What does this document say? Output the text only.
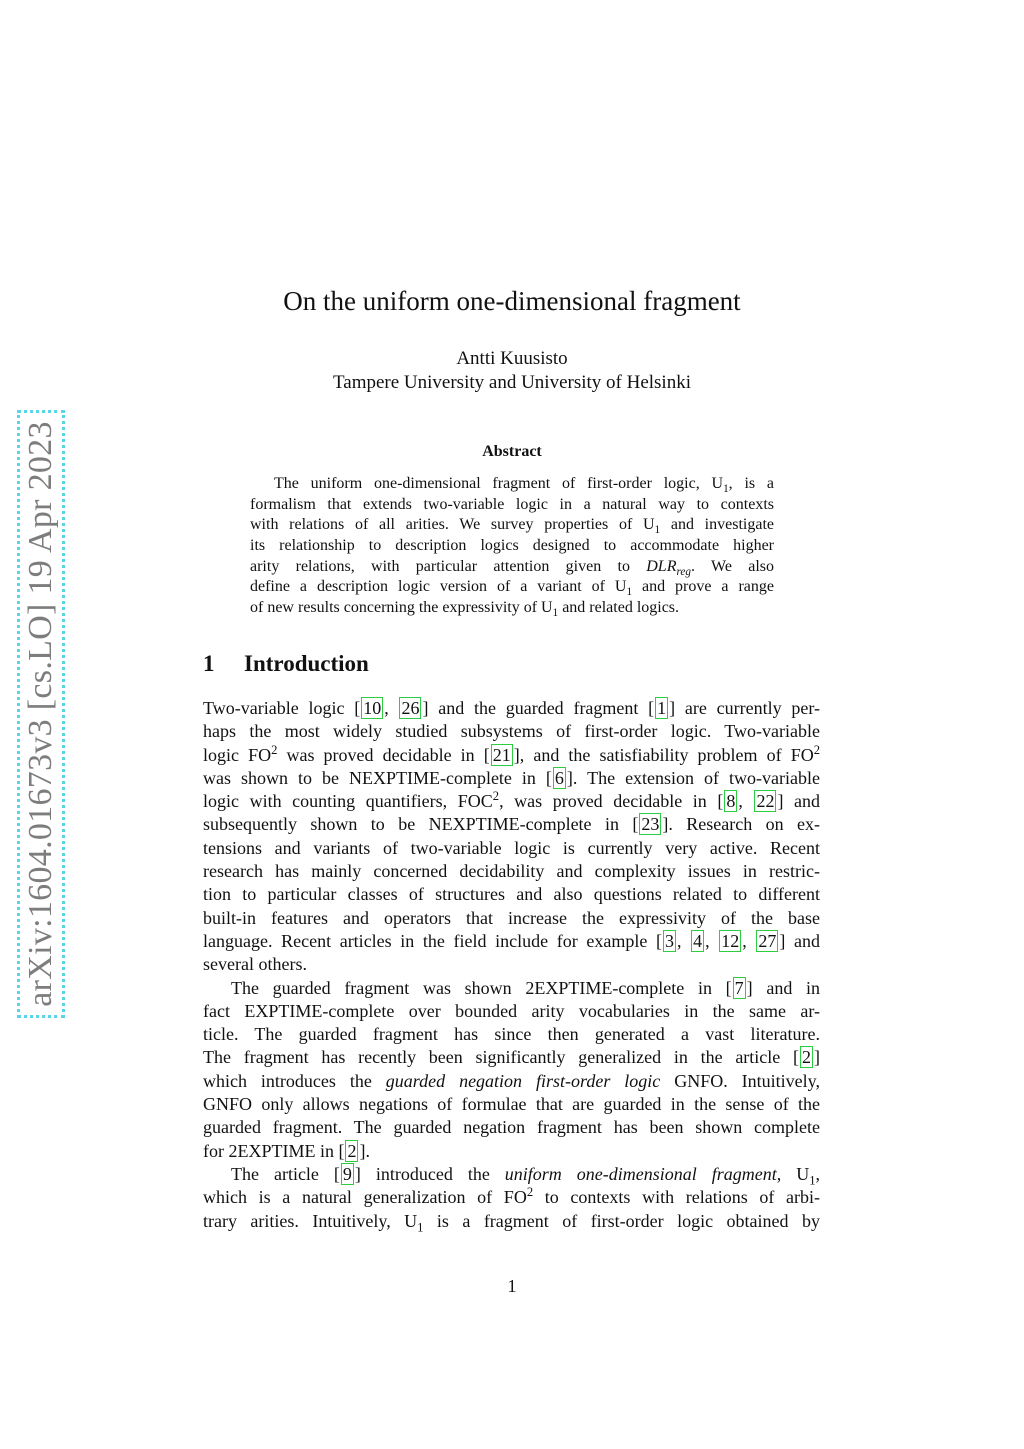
arXiv:1604.01673v3 [cs.LO] 19 Apr 2023
On the uniform one-dimensional fragment

Antti Kuusisto

Tampere University and University of Helsinki

Abstract
The uniform one-dimensional fragment of first-order logic, $U_1$, is a
formalism that extends two-variable logic in a natural way to contexts
with relations of all arities. We survey properties of $U_1$ and investigate
its relationship to description logics designed to accommodate higher
arity relations, with particular attention given to $DLR_{reg}$. We also
define a description logic version of a variant of $U_1$ and prove a range
of new results concerning the expressivity of $U_1$ and related logics.
1 Introduction
Two-variable logic [ 10 , 26 ] and the guarded fragment [ 1 ] are currently per-
haps the most widely studied subsystems of first-order logic. Two-variable
logic $FO^2$ was proved decidable in [ 21 ], and the satisfiability problem of $FO^2$
was shown to be NEXPTIME-complete in [ 6 ]. The extension of two-variable
logic with counting quantifiers, FOC$^2$, was proved decidable in [ 8 , 22 ] and
subsequently shown to be NEXPTIME-complete in [ 23 ]. Research on ex-
tensions and variants of two-variable logic is currently very active. Recent
research has mainly concerned decidability and complexity issues in restric-
tion to particular classes of structures and also questions related to different
built-in features and operators that increase the expressivity of the base
language. Recent articles in the field include for example [ 3 , 4 , 12 , 27 ] and
several others.
The guarded fragment was shown 2EXPTIME-complete in [ 7 ] and in
fact EXPTIME-complete over bounded arity vocabularies in the same ar-
ticle. The guarded fragment has since then generated a vast literature.
The fragment has recently been significantly generalized in the article [ 2 ]
which introduces the guarded negation first-order logic GNFO. Intuitively,
GNFO only allows negations of formulae that are guarded in the sense of the
guarded fragment. The guarded negation fragment has been shown complete
for 2EXPTIME in [ 2 ].
The article [ 9 ] introduced the uniform one-dimensional fragment, $U_1$,
which is a natural generalization of $FO^2$ to contexts with relations of arbi-
trary arities. Intuitively, $U_1$ is a fragment of first-order logic obtained by

1
